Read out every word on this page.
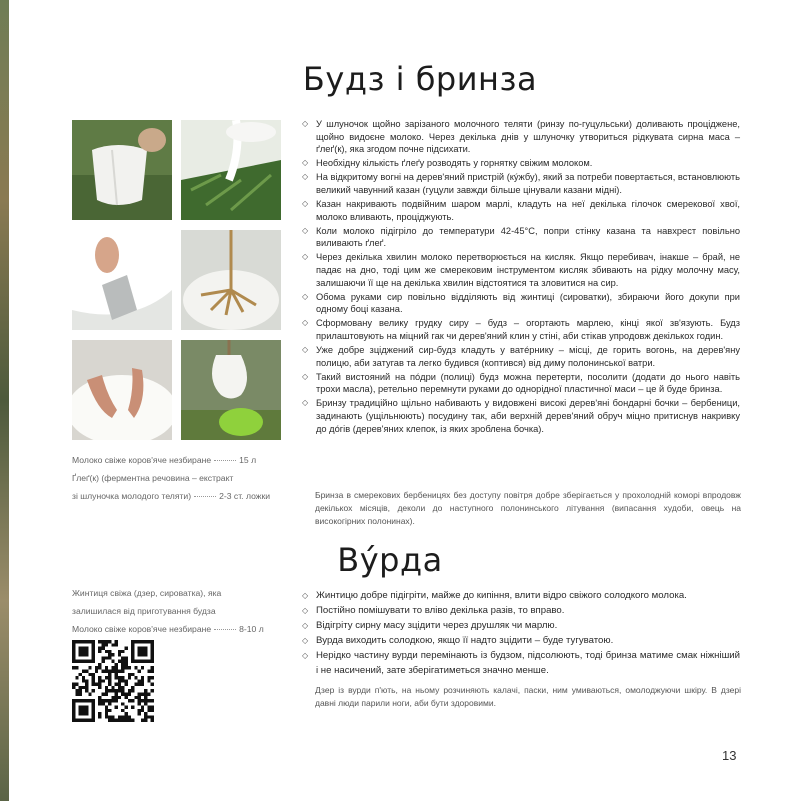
Будз і бринза
Молоко свіже коров'яче незбиране	15 л
Ґлеґ(к) (ферментна речовина – екстракт
зі шлуночка молодого теляти)	2-3 ст. ложки
◇ У шлуночок щойно зарізаного молочного теляти (ринзу по-гуцульськи) доливають проціджене, щойно видоєне молоко. Через декілька днів у шлуночку утвориться рідкувата сирна маса – ґлеґ(к), яка згодом почне підсихати.
◇ Необхідну кількість ґлеґу розводять у горнятку свіжим молоком.
◇ На відкритому вогні на дерев'яний пристрій (кýжбу), який за потреби повертається, встановлюють великий чавунний казан (гуцули завжди більше цінували казани мідні).
◇ Казан накривають подвійним шаром марлі, кладуть на неї декілька гілочок смерекової хвої, молоко вливають, проціджують.
◇ Коли молоко підігріло до температури 42-45°С, попри стінку казана та навхрест повільно виливають ґлеґ.
◇ Через декілька хвилин молоко перетворюється на кисляк. Якщо перебивач, інакше – брай, не падає на дно, тоді цим же смерековим інструментом кисляк збивають на рідку молочну масу, залишаючи її ще на декілька хвилин відстоятися та зловитися на сир.
◇ Обома руками сир повільно відділяють від жинтиці (сироватки), збираючи його докупи при одному боці казана.
◇ Сформовану велику грудку сиру – будз – огортають марлею, кінці якої зв'язують. Будз прилаштовують на міцний гак чи дерев'яний клин у стіні, аби стікав упродовж декількох годин.
◇ Уже добре зціджений сир-будз кладуть у ватéрнику – місці, де горить вогонь, на дерев'яну полицю, аби затугав та легко будився (коптився) від диму полонинської ватри.
◇ Такий вистояний на пóдри (полиці) будз можна перетерти, посолити (додати до нього навіть трохи масла), ретельно перемнути руками до однорідної пластичної маси – це й буде бринза.
◇ Бринзу традиційно щільно набивають у видовжені високі дерев'яні бондарні бочки – бербеници, задинають (ущільнюють) посудину так, аби верхній дерев'яний обруч міцно притиснув накривку до дóгів (дерев'яних клепок, із яких зроблена бочка).

Бринза в смерекових бербеницях без доступу повітря добре зберігається у прохолодній коморі впродовж декількох місяців, деколи до наступного полонинського літування (випасання худоби, овець на високогірних полонинах).

Вýрда
Жинтиця свіжа (дзер, сироватка), яка
залишилася від приготування будза
Молоко свіже коров'яче незбиране	8-10 л
◇ Жинтицю добре підігріти, майже до кипіння, влити відро свіжого солодкого молока.
◇ Постійно помішувати то вліво декілька разів, то вправо.
◇ Відігріту сирну масу зцідити через друшляк чи марлю.
◇ Вурда виходить солодкою, якщо її надто зцідити – буде тугуватою.
◇ Нерідко частину вурди перемінають із будзом, підсолюють, тоді бринза матиме смак ніжніший і не насичений, зате зберігатиметься значно менше.

Дзер із вурди п'ють, на ньому розчиняють калачі, паски, ним умиваються, омолоджуючи шкіру. В дзері давні люди парили ноги, аби бути здоровими.

13
